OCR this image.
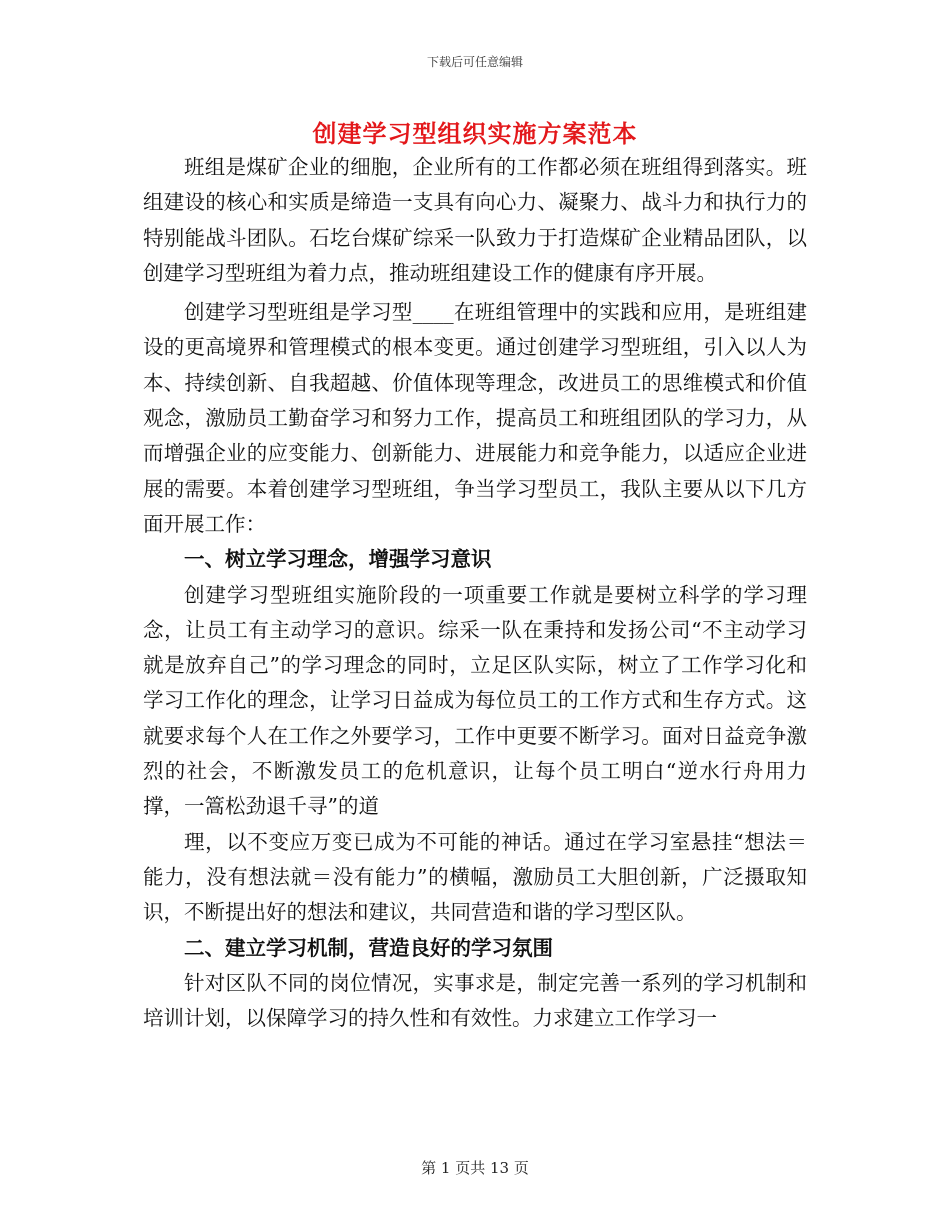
下载后可任意编辑
创建学习型组织实施方案范本

班组是煤矿企业的细胞，企业所有的工作都必须在班组得到落实。班组建设的核心和实质是缔造一支具有向心力、凝聚力、战斗力和执行力的特别能战斗团队。石圪台煤矿综采一队致力于打造煤矿企业精品团队，以创建学习型班组为着力点，推动班组建设工作的健康有序开展。

创建学习型班组是学习型____在班组管理中的实践和应用，是班组建设的更高境界和管理模式的根本变更。通过创建学习型班组，引入以人为本、持续创新、自我超越、价值体现等理念，改进员工的思维模式和价值观念，激励员工勤奋学习和努力工作，提高员工和班组团队的学习力，从而增强企业的应变能力、创新能力、进展能力和竞争能力，以适应企业进展的需要。本着创建学习型班组，争当学习型员工，我队主要从以下几方面开展工作：

一、树立学习理念，增强学习意识

创建学习型班组实施阶段的一项重要工作就是要树立科学的学习理念，让员工有主动学习的意识。综采一队在秉持和发扬公司“不主动学习就是放弃自己”的学习理念的同时，立足区队实际，树立了工作学习化和学习工作化的理念，让学习日益成为每位员工的工作方式和生存方式。这就要求每个人在工作之外要学习，工作中更要不断学习。面对日益竞争激烈的社会，不断激发员工的危机意识，让每个员工明白“逆水行舟用力撑，一篙松劲退千寻”的道

理，以不变应万变已成为不可能的神话。通过在学习室悬挂“想法＝能力，没有想法就＝没有能力”的横幅，激励员工大胆创新，广泛摄取知识，不断提出好的想法和建议，共同营造和谐的学习型区队。

二、建立学习机制，营造良好的学习氛围

针对区队不同的岗位情况，实事求是，制定完善一系列的学习机制和培训计划，以保障学习的持久性和有效性。力求建立工作学习一

第 1 页共 13 页
